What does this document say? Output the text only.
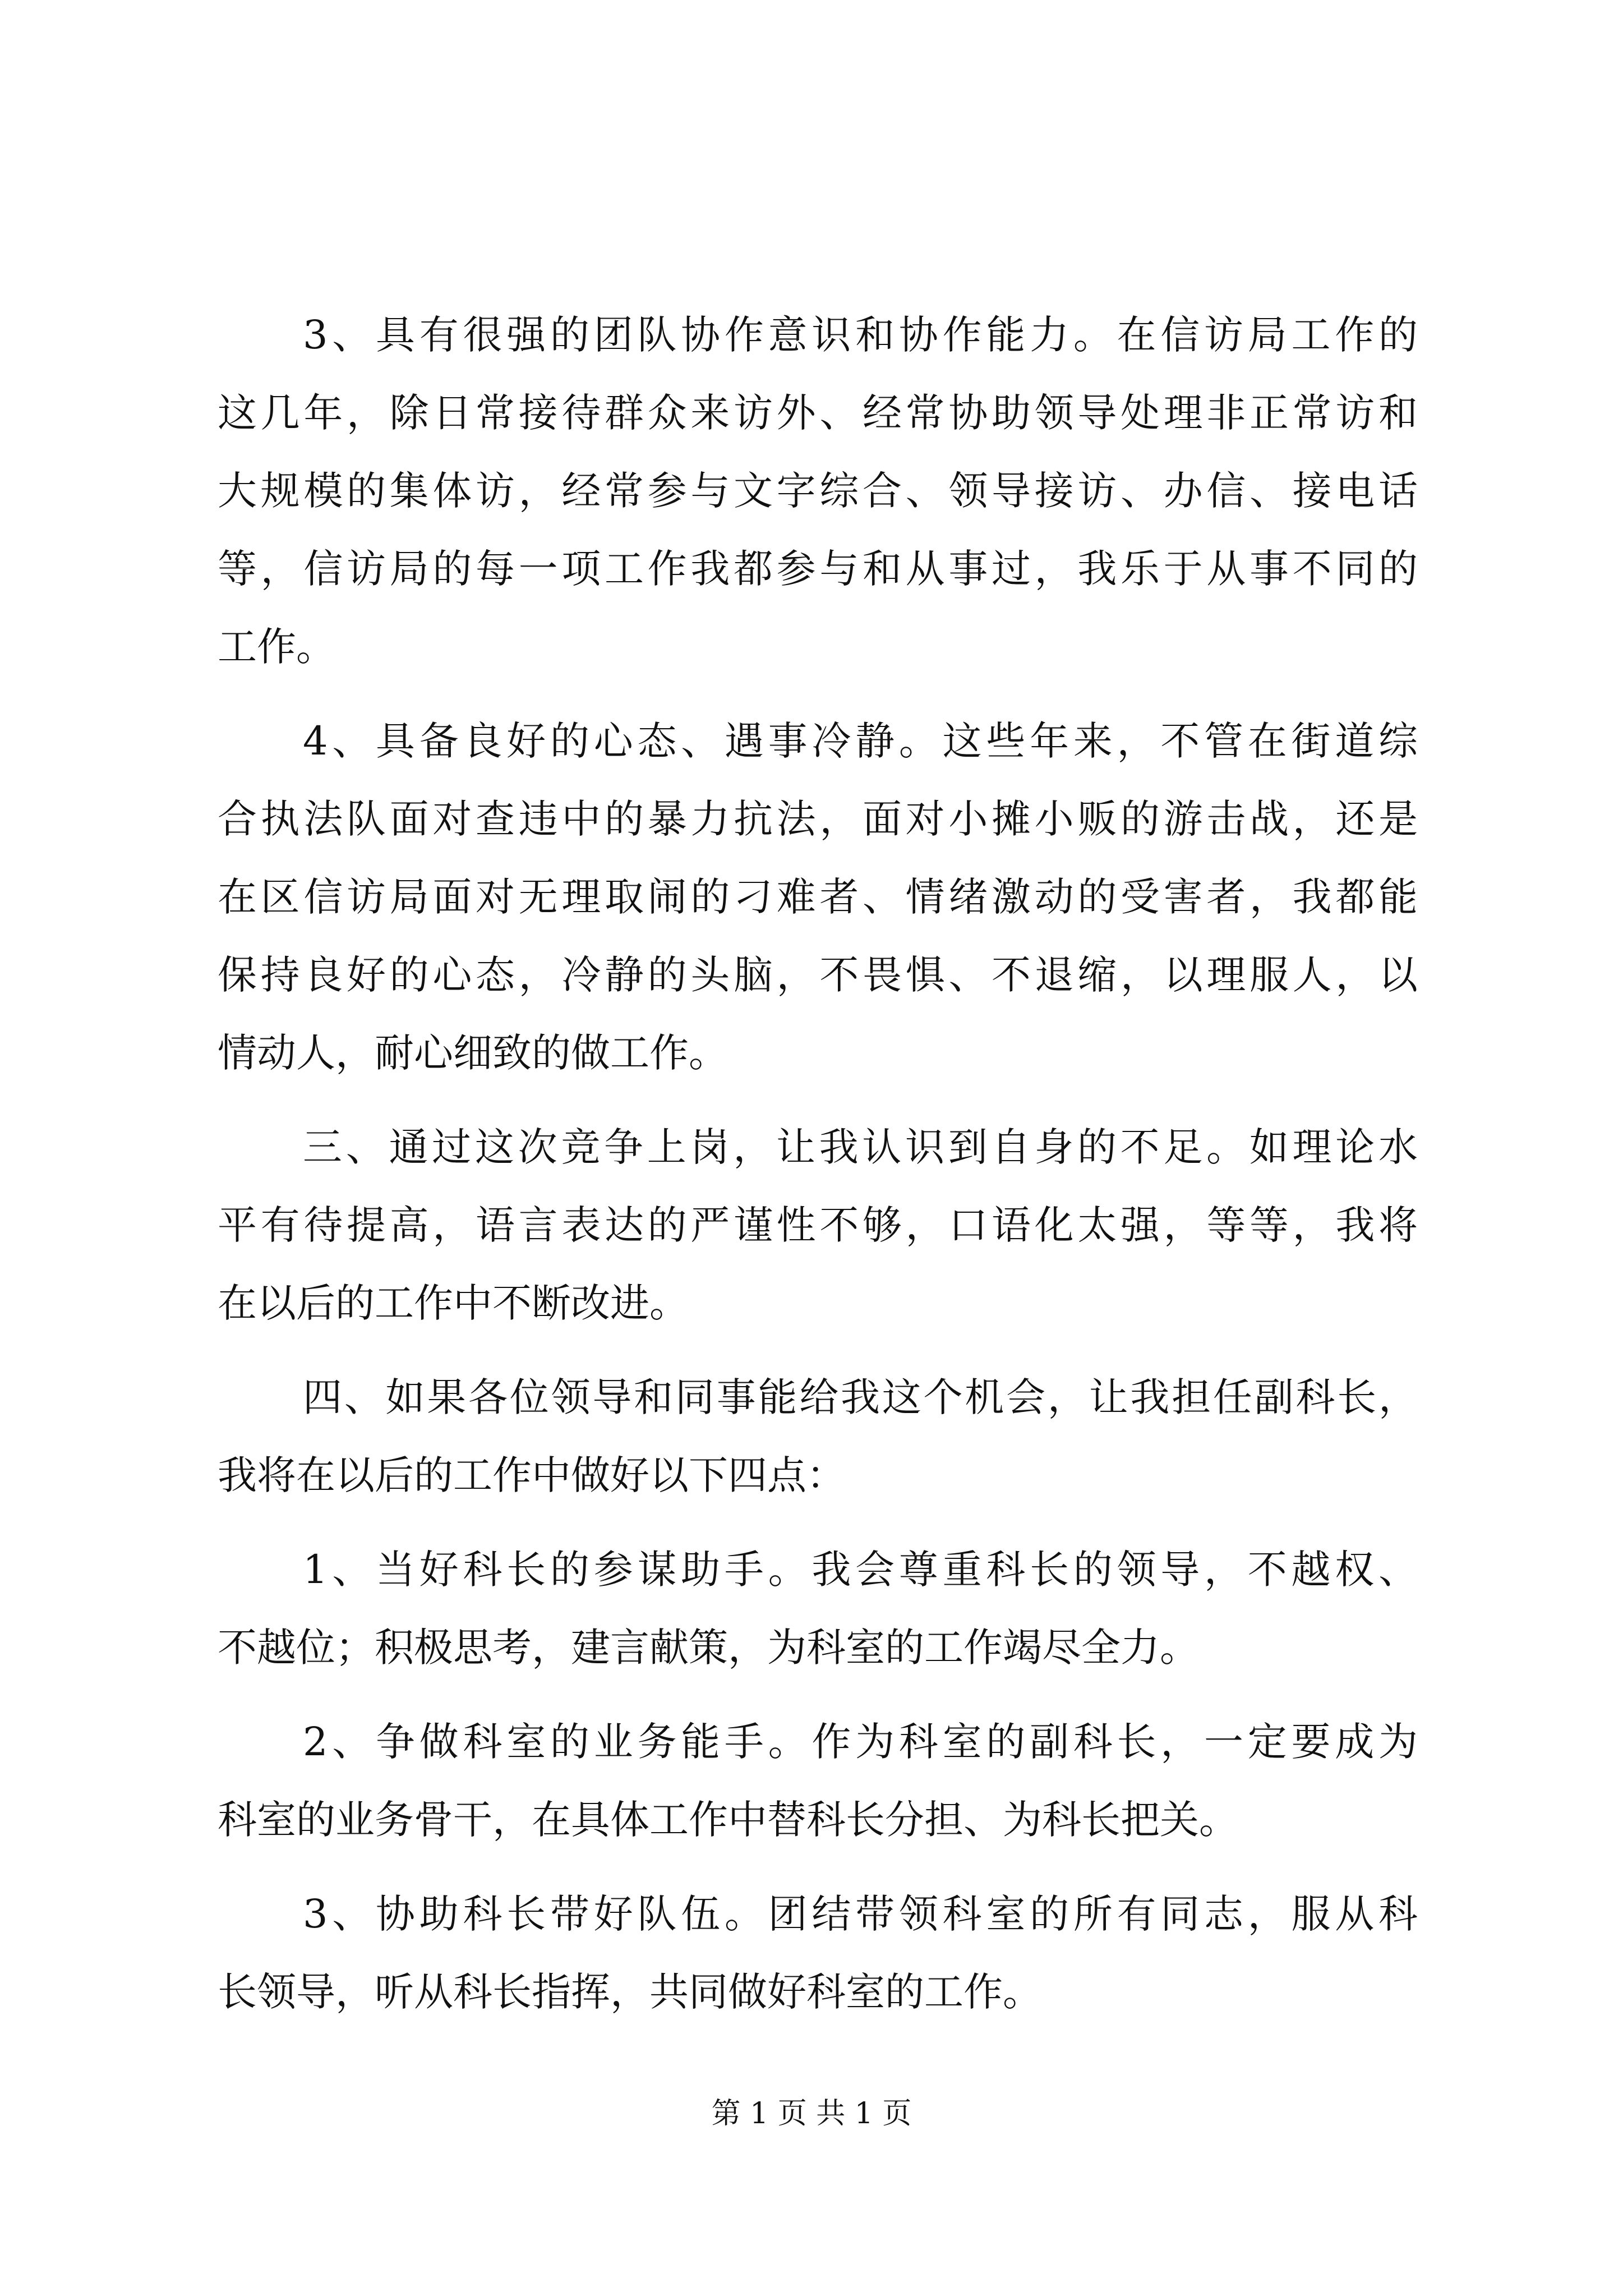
3、具有很强的团队协作意识和协作能力。在信访局工作的
这几年，除日常接待群众来访外、经常协助领导处理非正常访和
大规模的集体访，经常参与文字综合、领导接访、办信、接电话
等，信访局的每一项工作我都参与和从事过，我乐于从事不同的
工作。
4、具备良好的心态、遇事冷静。这些年来，不管在街道综
合执法队面对查违中的暴力抗法，面对小摊小贩的游击战，还是
在区信访局面对无理取闹的刁难者、情绪激动的受害者，我都能
保持良好的心态，冷静的头脑，不畏惧、不退缩，以理服人，以
情动人，耐心细致的做工作。
三、通过这次竞争上岗，让我认识到自身的不足。如理论水
平有待提高，语言表达的严谨性不够，口语化太强，等等，我将
在以后的工作中不断改进。
四、如果各位领导和同事能给我这个机会，让我担任副科长，
我将在以后的工作中做好以下四点：
1、当好科长的参谋助手。我会尊重科长的领导，不越权、
不越位；积极思考，建言献策，为科室的工作竭尽全力。
2、争做科室的业务能手。作为科室的副科长，一定要成为
科室的业务骨干，在具体工作中替科长分担、为科长把关。
3、协助科长带好队伍。团结带领科室的所有同志，服从科
长领导，听从科长指挥，共同做好科室的工作。
第 1 页 共 1 页
